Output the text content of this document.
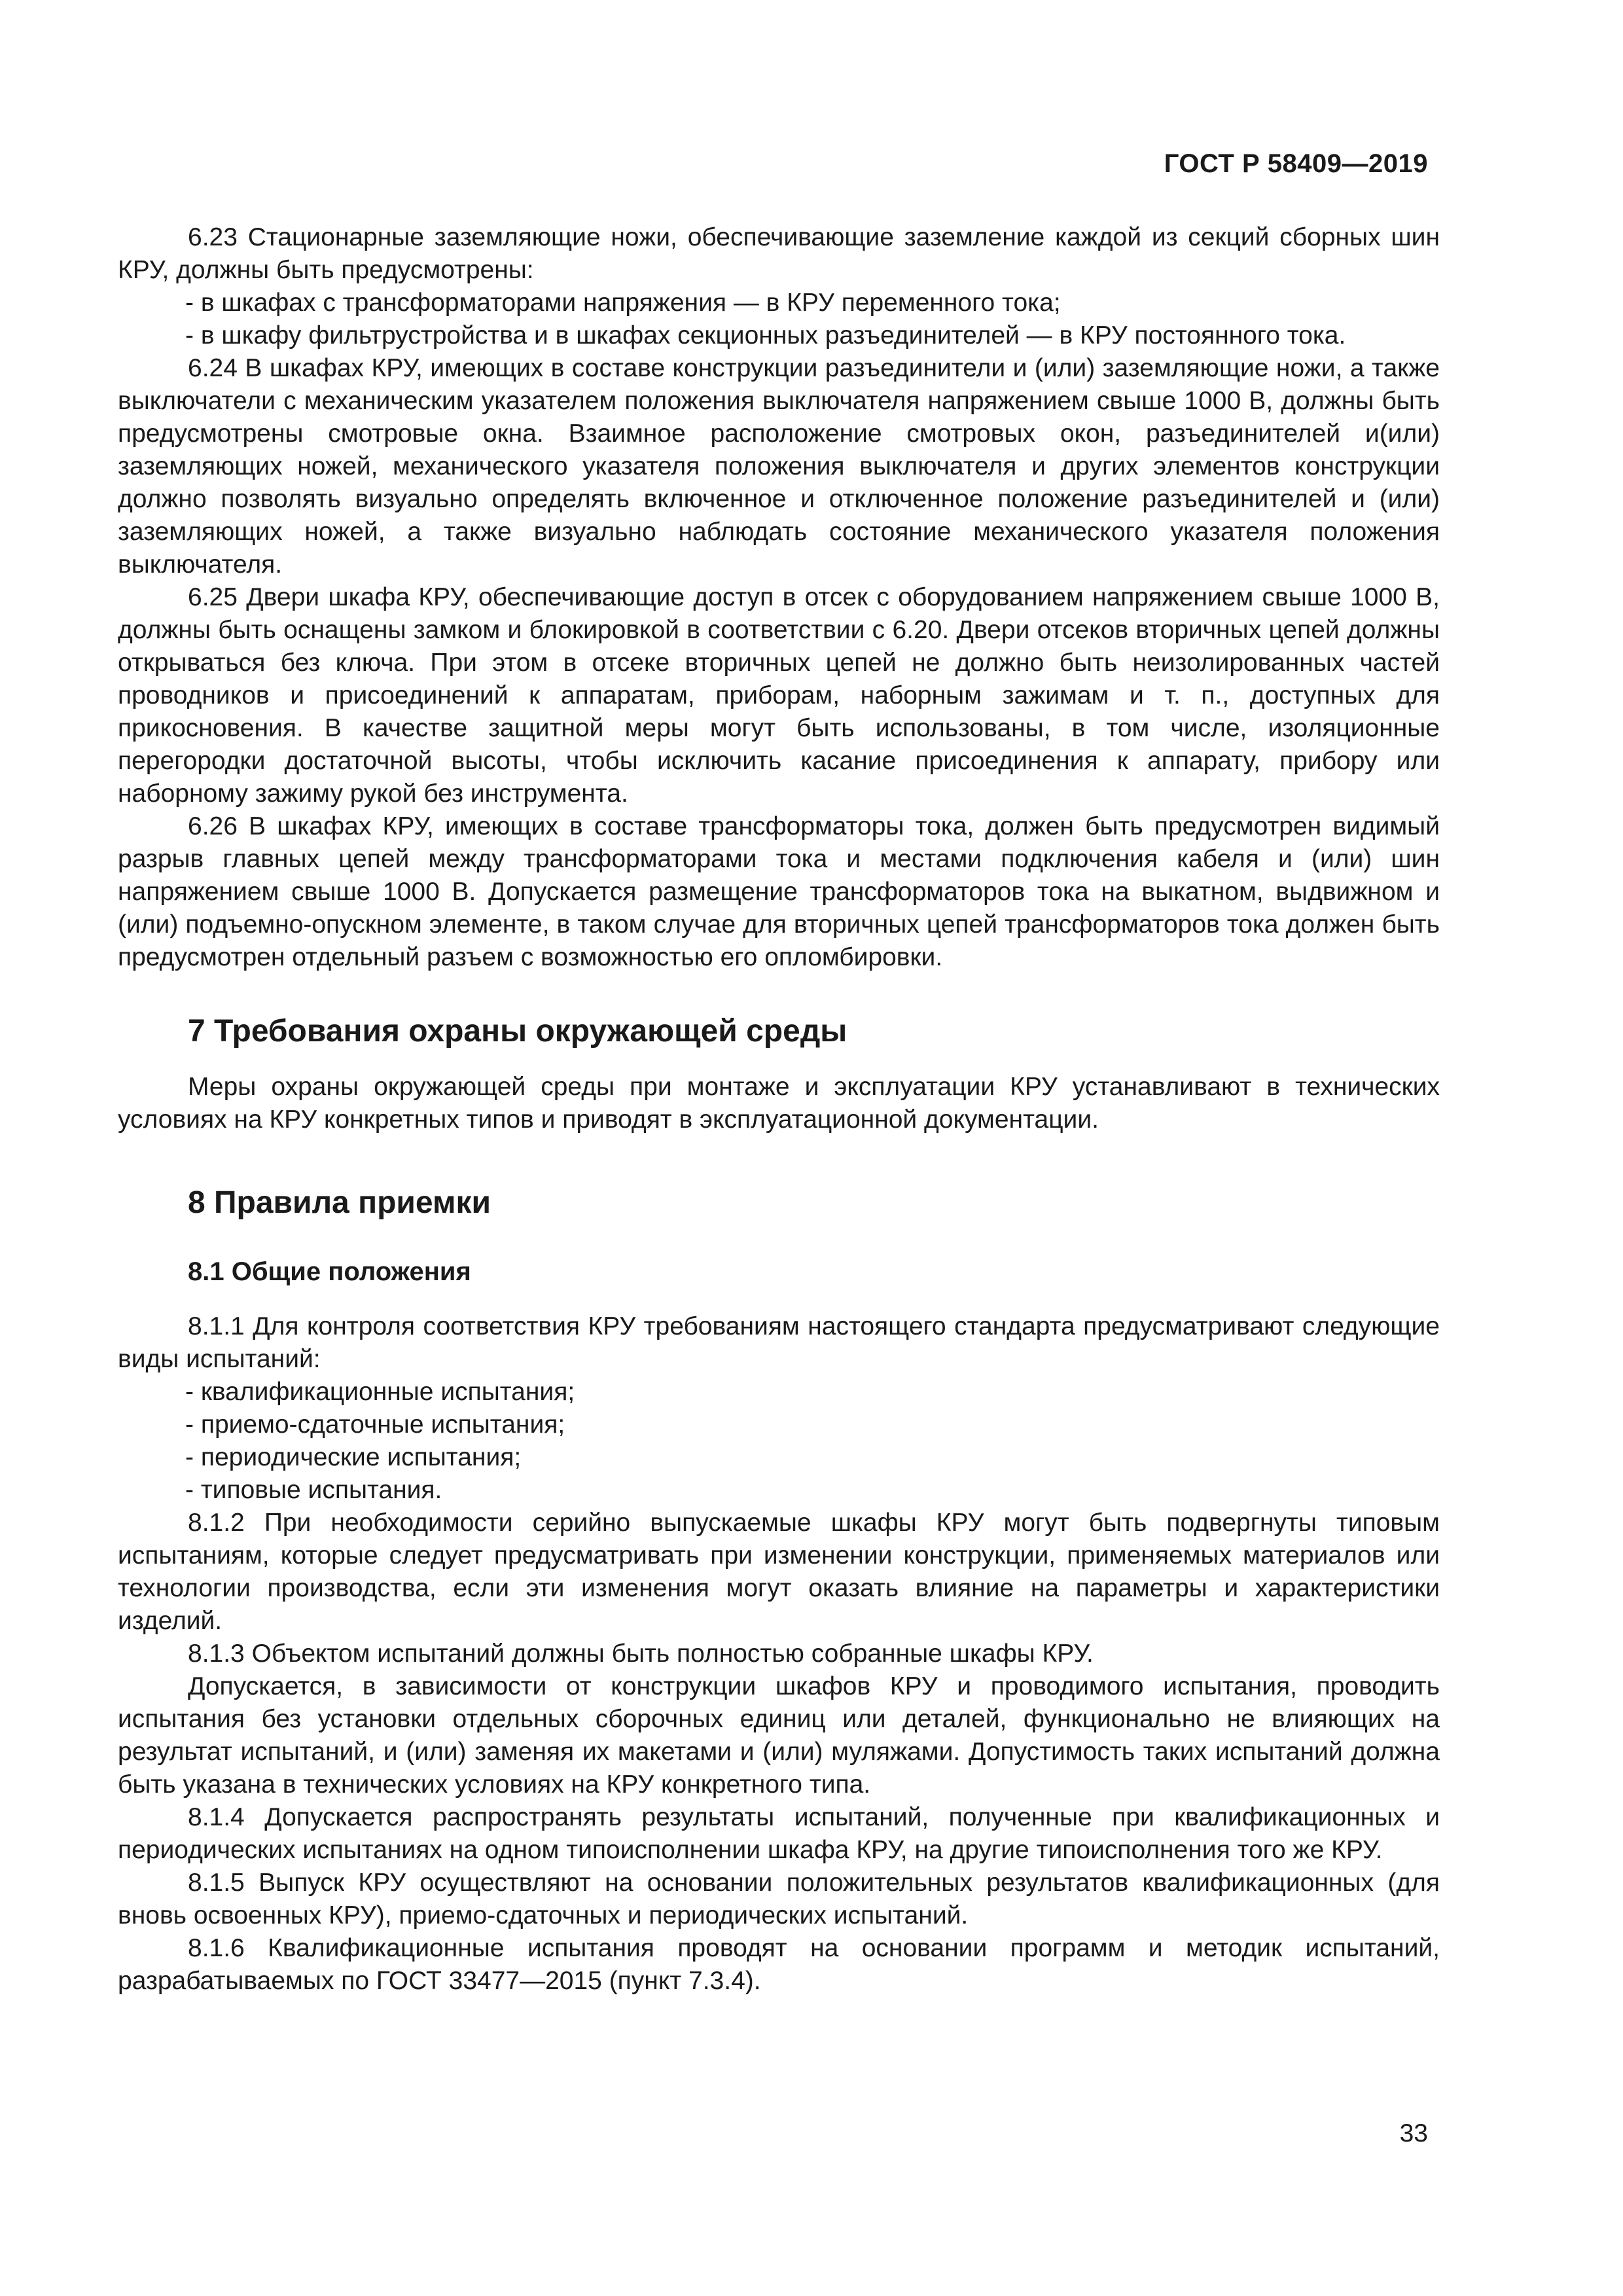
ГОСТ Р 58409—2019

6.23 Стационарные заземляющие ножи, обеспечивающие заземление каждой из секций сборных шин КРУ, должны быть предусмотрены:

- в шкафах с трансформаторами напряжения — в КРУ переменного тока;

- в шкафу фильтрустройства и в шкафах секционных разъединителей — в КРУ постоянного тока.

6.24 В шкафах КРУ, имеющих в составе конструкции разъединители и (или) заземляющие ножи, а также выключатели с механическим указателем положения выключателя напряжением свыше 1000 В, должны быть предусмотрены смотровые окна. Взаимное расположение смотровых окон, разъединителей и(или) заземляющих ножей, механического указателя положения выключателя и других элементов конструкции должно позволять визуально определять включенное и отключенное положение разъединителей и (или) заземляющих ножей, а также визуально наблюдать состояние механического указателя положения выключателя.

6.25 Двери шкафа КРУ, обеспечивающие доступ в отсек с оборудованием напряжением свыше 1000 В, должны быть оснащены замком и блокировкой в соответствии с 6.20. Двери отсеков вторичных цепей должны открываться без ключа. При этом в отсеке вторичных цепей не должно быть неизолированных частей проводников и присоединений к аппаратам, приборам, наборным зажимам и т. п., доступных для прикосновения. В качестве защитной меры могут быть использованы, в том числе, изоляционные перегородки достаточной высоты, чтобы исключить касание присоединения к аппарату, прибору или наборному зажиму рукой без инструмента.

6.26 В шкафах КРУ, имеющих в составе трансформаторы тока, должен быть предусмотрен видимый разрыв главных цепей между трансформаторами тока и местами подключения кабеля и (или) шин напряжением свыше 1000 В. Допускается размещение трансформаторов тока на выкатном, выдвижном и (или) подъемно-опускном элементе, в таком случае для вторичных цепей трансформаторов тока должен быть предусмотрен отдельный разъем с возможностью его опломбировки.

7 Требования охраны окружающей среды

Меры охраны окружающей среды при монтаже и эксплуатации КРУ устанавливают в технических условиях на КРУ конкретных типов и приводят в эксплуатационной документации.

8 Правила приемки
8.1 Общие положения

8.1.1 Для контроля соответствия КРУ требованиям настоящего стандарта предусматривают следующие виды испытаний:

- квалификационные испытания;

- приемо-сдаточные испытания;

- периодические испытания;

- типовые испытания.

8.1.2 При необходимости серийно выпускаемые шкафы КРУ могут быть подвергнуты типовым испытаниям, которые следует предусматривать при изменении конструкции, применяемых материалов или технологии производства, если эти изменения могут оказать влияние на параметры и характеристики изделий.

8.1.3 Объектом испытаний должны быть полностью собранные шкафы КРУ.

Допускается, в зависимости от конструкции шкафов КРУ и проводимого испытания, проводить испытания без установки отдельных сборочных единиц или деталей, функционально не влияющих на результат испытаний, и (или) заменяя их макетами и (или) муляжами. Допустимость таких испытаний должна быть указана в технических условиях на КРУ конкретного типа.

8.1.4 Допускается распространять результаты испытаний, полученные при квалификационных и периодических испытаниях на одном типоисполнении шкафа КРУ, на другие типоисполнения того же КРУ.

8.1.5 Выпуск КРУ осуществляют на основании положительных результатов квалификационных (для вновь освоенных КРУ), приемо-сдаточных и периодических испытаний.

8.1.6 Квалификационные испытания проводят на основании программ и методик испытаний, разрабатываемых по ГОСТ 33477—2015 (пункт 7.3.4).

33
